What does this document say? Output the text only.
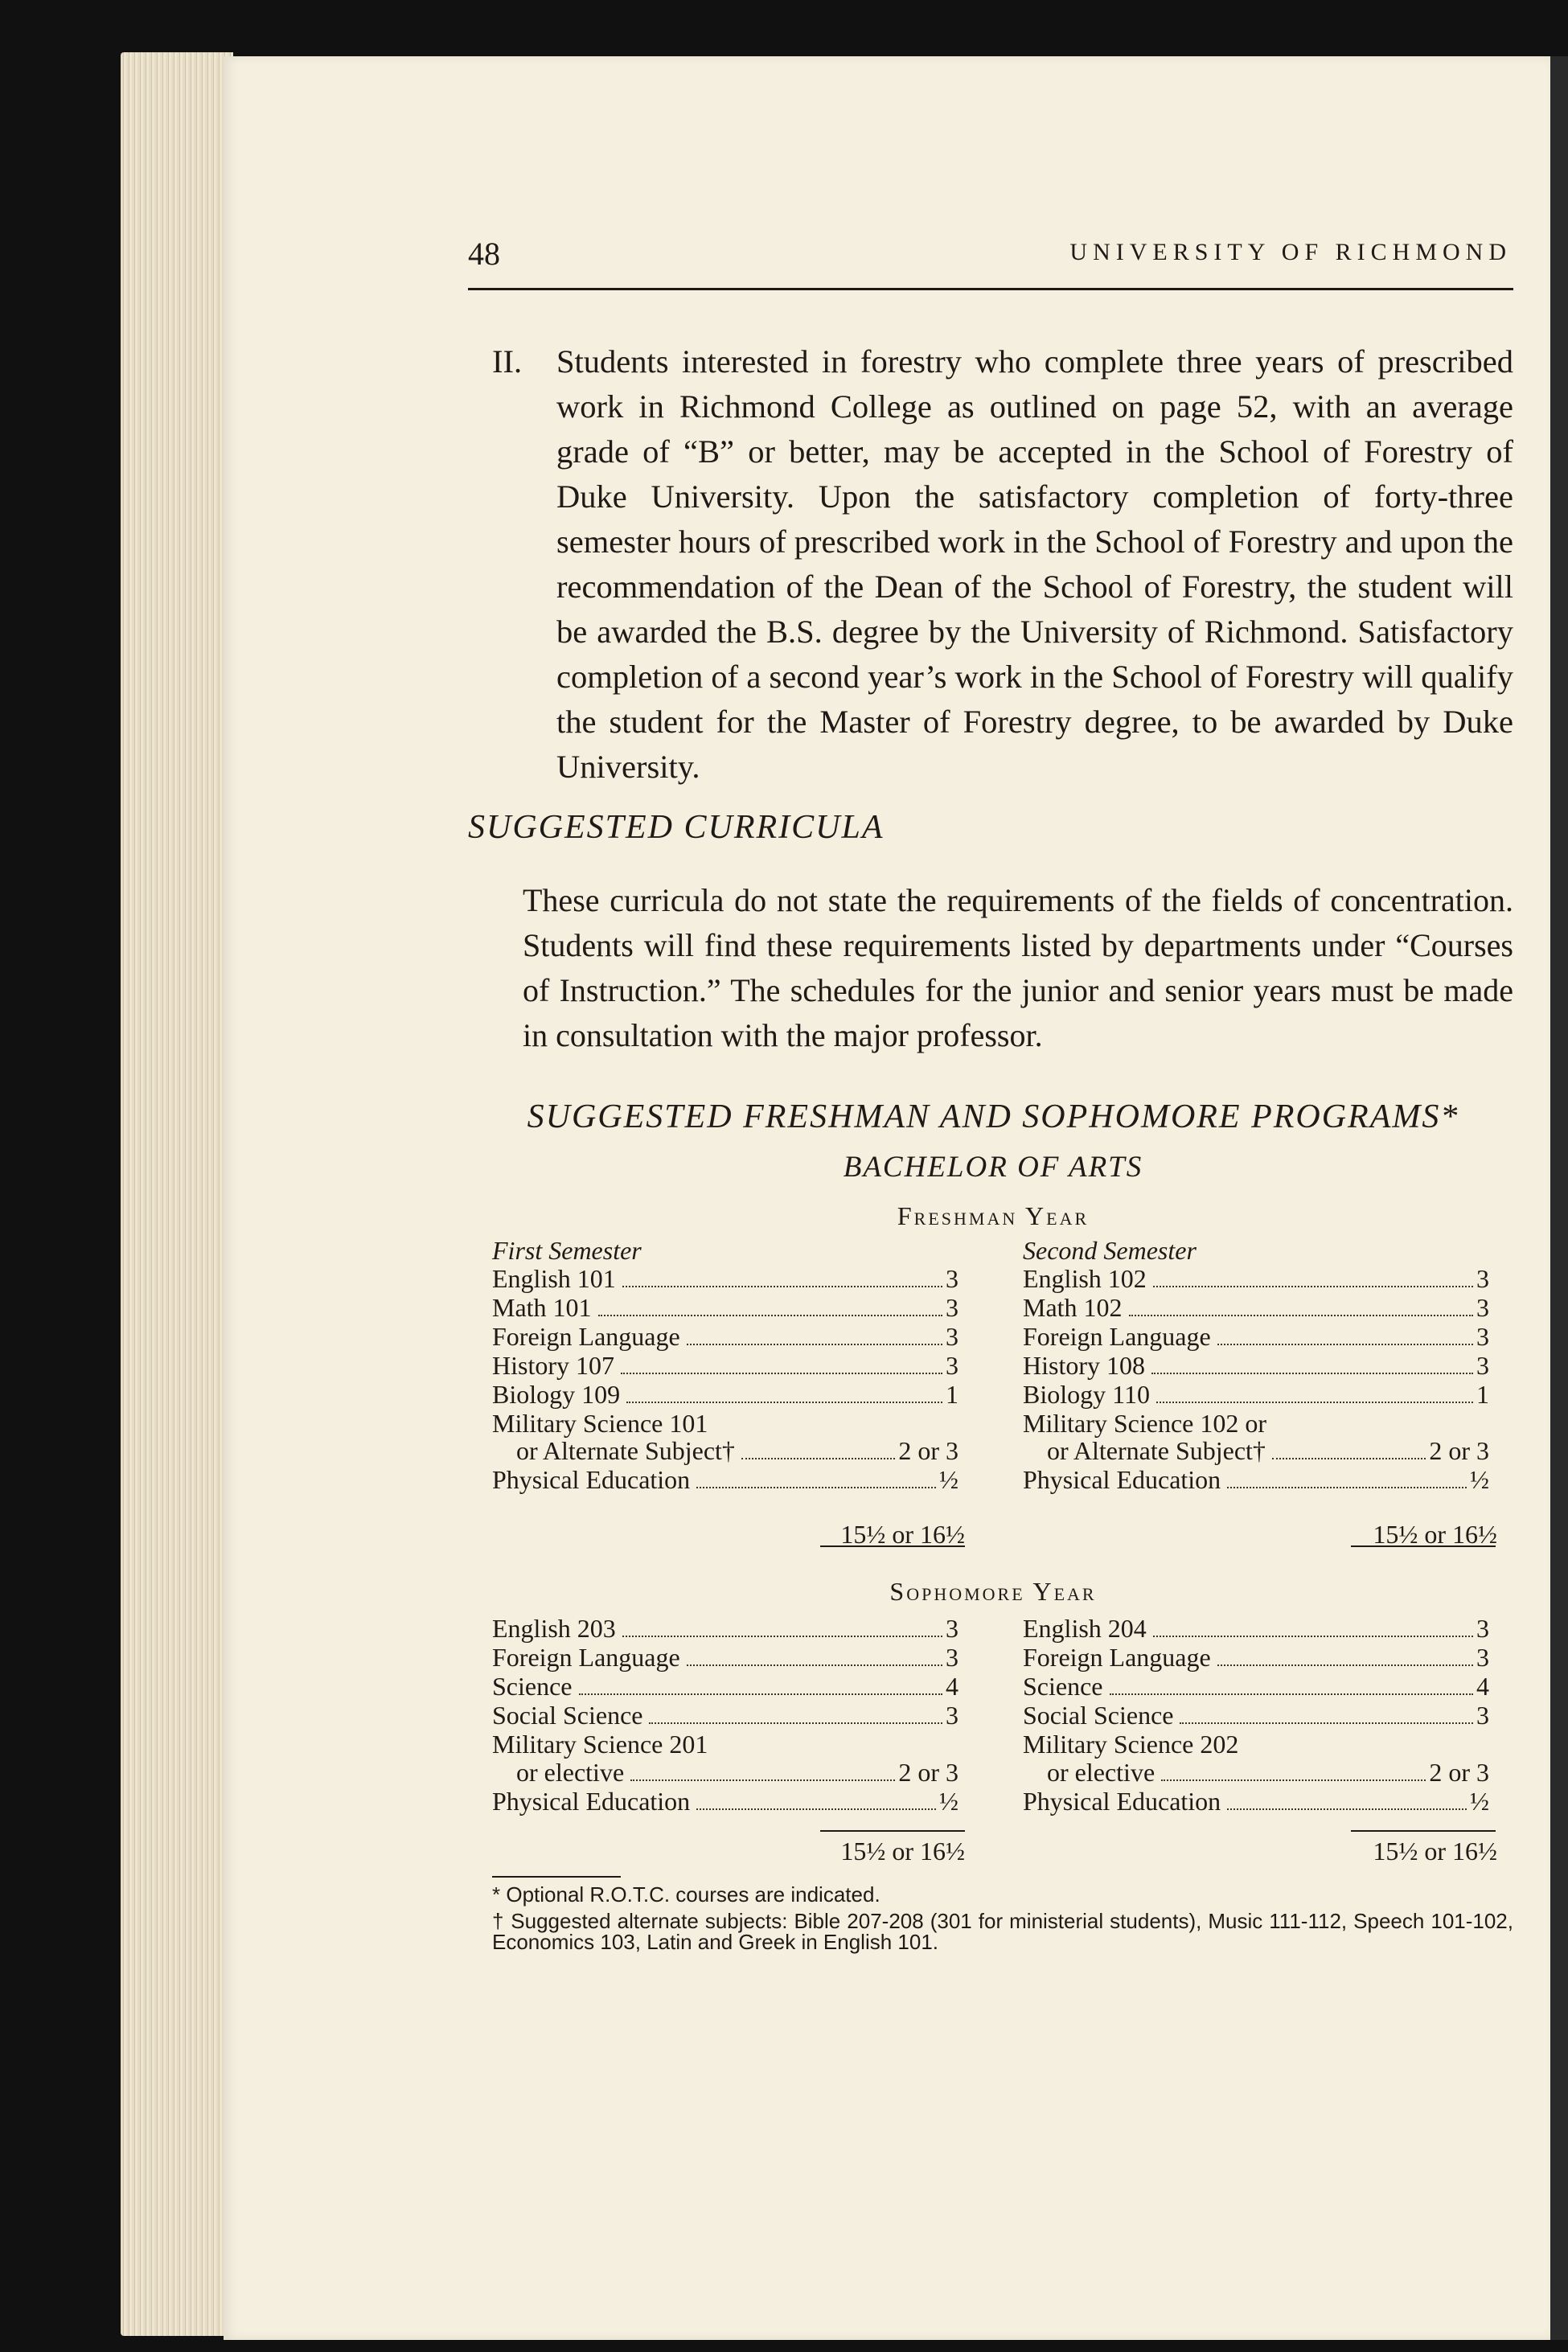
48	UNIVERSITY OF RICHMOND
II. Students interested in forestry who complete three years of prescribed work in Richmond College as outlined on page 52, with an average grade of “B” or better, may be accepted in the School of Forestry of Duke University. Upon the satisfactory completion of forty-three semester hours of prescribed work in the School of Forestry and upon the recommendation of the Dean of the School of Forestry, the student will be awarded the B.S. degree by the University of Richmond. Satisfactory completion of a second year’s work in the School of Forestry will qualify the student for the Master of Forestry degree, to be awarded by Duke University.
SUGGESTED CURRICULA

These curricula do not state the requirements of the fields of concentration. Students will find these requirements listed by departments under “Courses of Instruction.” The schedules for the junior and senior years must be made in consultation with the major professor.

SUGGESTED FRESHMAN AND SOPHOMORE PROGRAMS*
BACHELOR OF ARTS
Freshman Year
Sophomore Year
First Semester
English 101	3
Math 101	3
Foreign Language	3
History 107	3
Biology 109	1
Military Science 101
or Alternate Subject†	2 or 3
Physical Education	½
Second Semester
English 102	3
Math 102	3
Foreign Language	3
History 108	3
Biology 110	1
Military Science 102 or
or Alternate Subject†	2 or 3
Physical Education	½
15½ or 16½	15½ or 16½
English 203	3
Foreign Language	3
Science	4
Social Science	3
Military Science 201
or elective	2 or 3
Physical Education	½
English 204	3
Foreign Language	3
Science	4
Social Science	3
Military Science 202
or elective	2 or 3
Physical Education	½
15½ or 16½	15½ or 16½
* Optional R.O.T.C. courses are indicated.
† Suggested alternate subjects: Bible 207-208 (301 for ministerial students), Music 111-112, Speech 101-102, Economics 103, Latin and Greek in English 101.
